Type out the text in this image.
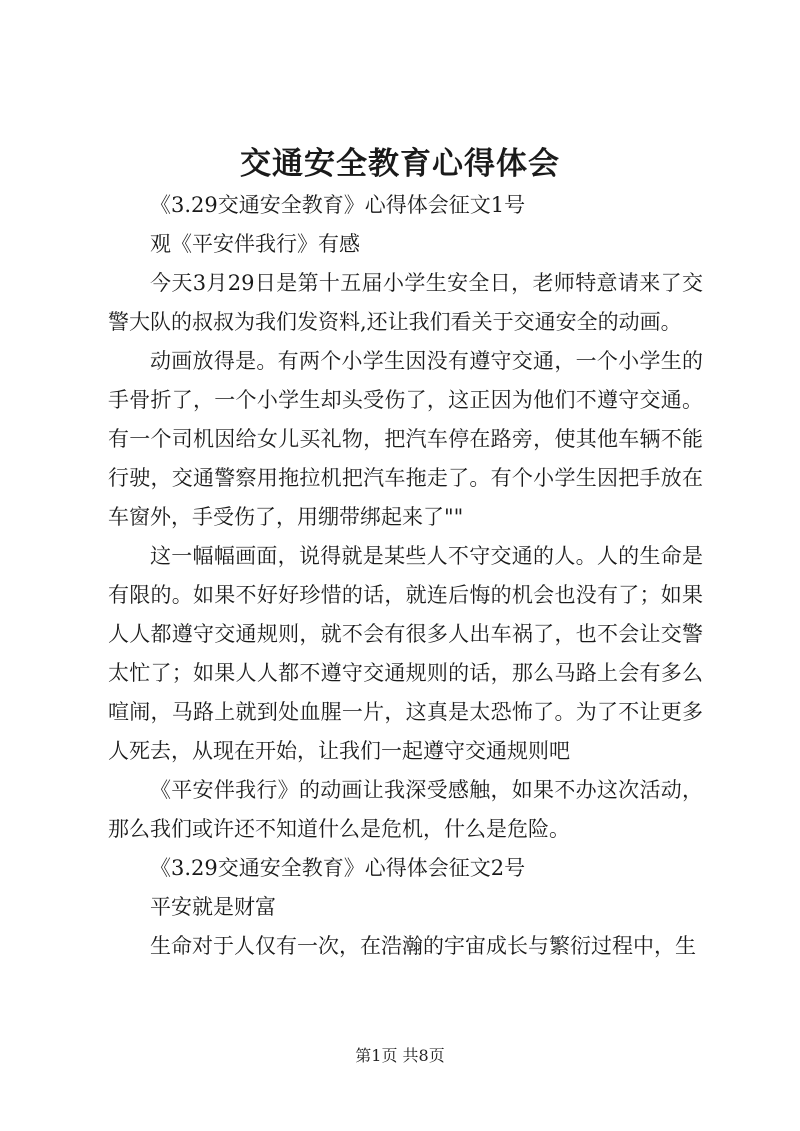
交通安全教育心得体会

《3.29交通安全教育》心得体会征文1号

观《平安伴我行》有感

今天3月29日是第十五届小学生安全日，老师特意请来了交警大队的叔叔为我们发资料,还让我们看关于交通安全的动画。

动画放得是。有两个小学生因没有遵守交通，一个小学生的手骨折了，一个小学生却头受伤了，这正因为他们不遵守交通。有一个司机因给女儿买礼物，把汽车停在路旁，使其他车辆不能行驶，交通警察用拖拉机把汽车拖走了。有个小学生因把手放在车窗外，手受伤了，用绷带绑起来了""

这一幅幅画面，说得就是某些人不守交通的人。人的生命是有限的。如果不好好珍惜的话，就连后悔的机会也没有了；如果人人都遵守交通规则，就不会有很多人出车祸了，也不会让交警太忙了；如果人人都不遵守交通规则的话，那么马路上会有多么喧闹，马路上就到处血腥一片，这真是太恐怖了。为了不让更多人死去，从现在开始，让我们一起遵守交通规则吧

《平安伴我行》的动画让我深受感触，如果不办这次活动，那么我们或许还不知道什么是危机，什么是危险。

《3.29交通安全教育》心得体会征文2号

平安就是财富

生命对于人仅有一次，在浩瀚的宇宙成长与繁衍过程中，生

第1页 共8页
